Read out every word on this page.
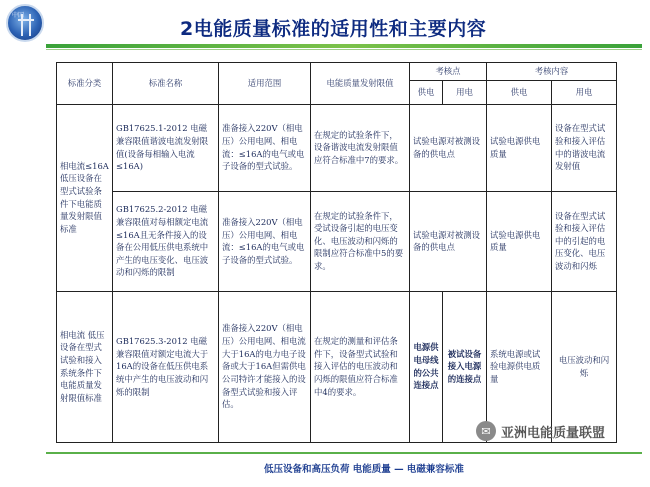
中国
2电能质量标准的适用性和主要内容
标准分类	标准名称	适用范围	电能质量发射限值	考核点		考核内容	
				供电	用电	供电	用电
相电流≤16A低压设备在型式试验条件下电能质量发射限值标准	GB17625.1-2012 电磁兼容限值谐波电流发射限值(设备每相输入电流≤16A)	准备接入220V（相电压）公用电网、相电流：≤16A的电气或电子设备的型式试验。	在规定的试验条件下，设备谐波电流发射限值应符合标准中7的要求。	试验电源对被测设备的供电点		试验电源供电质量	设备在型式试验和接入评估中的谐波电流发射值
	GB17625.2-2012 电磁兼容限值对每相额定电流≤16A且无条件接入的设备在公用低压供电系统中产生的电压变化、电压波动和闪烁的限制	准备接入220V（相电压）公用电网、相电流：≤16A的电气或电子设备的型式试验。	在规定的试验条件下，受试设备引起的电压变化、电压波动和闪烁的限制应符合标准中5的要求。	试验电源对被测设备的供电点		试验电源供电质量	设备在型式试验和接入评估中的引起的电压变化、电压波动和闪烁
相电流 低压设备在型式试验和接入系统条件下电能质量发射限值标准	GB17625.3-2012 电磁兼容限值对额定电流大于16A的设备在低压供电系统中产生的电压波动和闪烁的限制	准备接入220V（相电压）公用电网、相电流大于16A的电力电子设备或大于16A但需供电公司特许才能接入的设备型式试验和接入评估。	在规定的测量和评估条件下，设备型式试验和接入评估的电压波动和闪烁的限值应符合标准中4的要求。	电源供电母线的公共连接点	被试设备接入电源的连接点	系统电源或试验电源供电质量	电压波动和闪烁
✉ 亚洲电能质量联盟
低压设备和高压负荷 电能质量 — 电磁兼容标准
